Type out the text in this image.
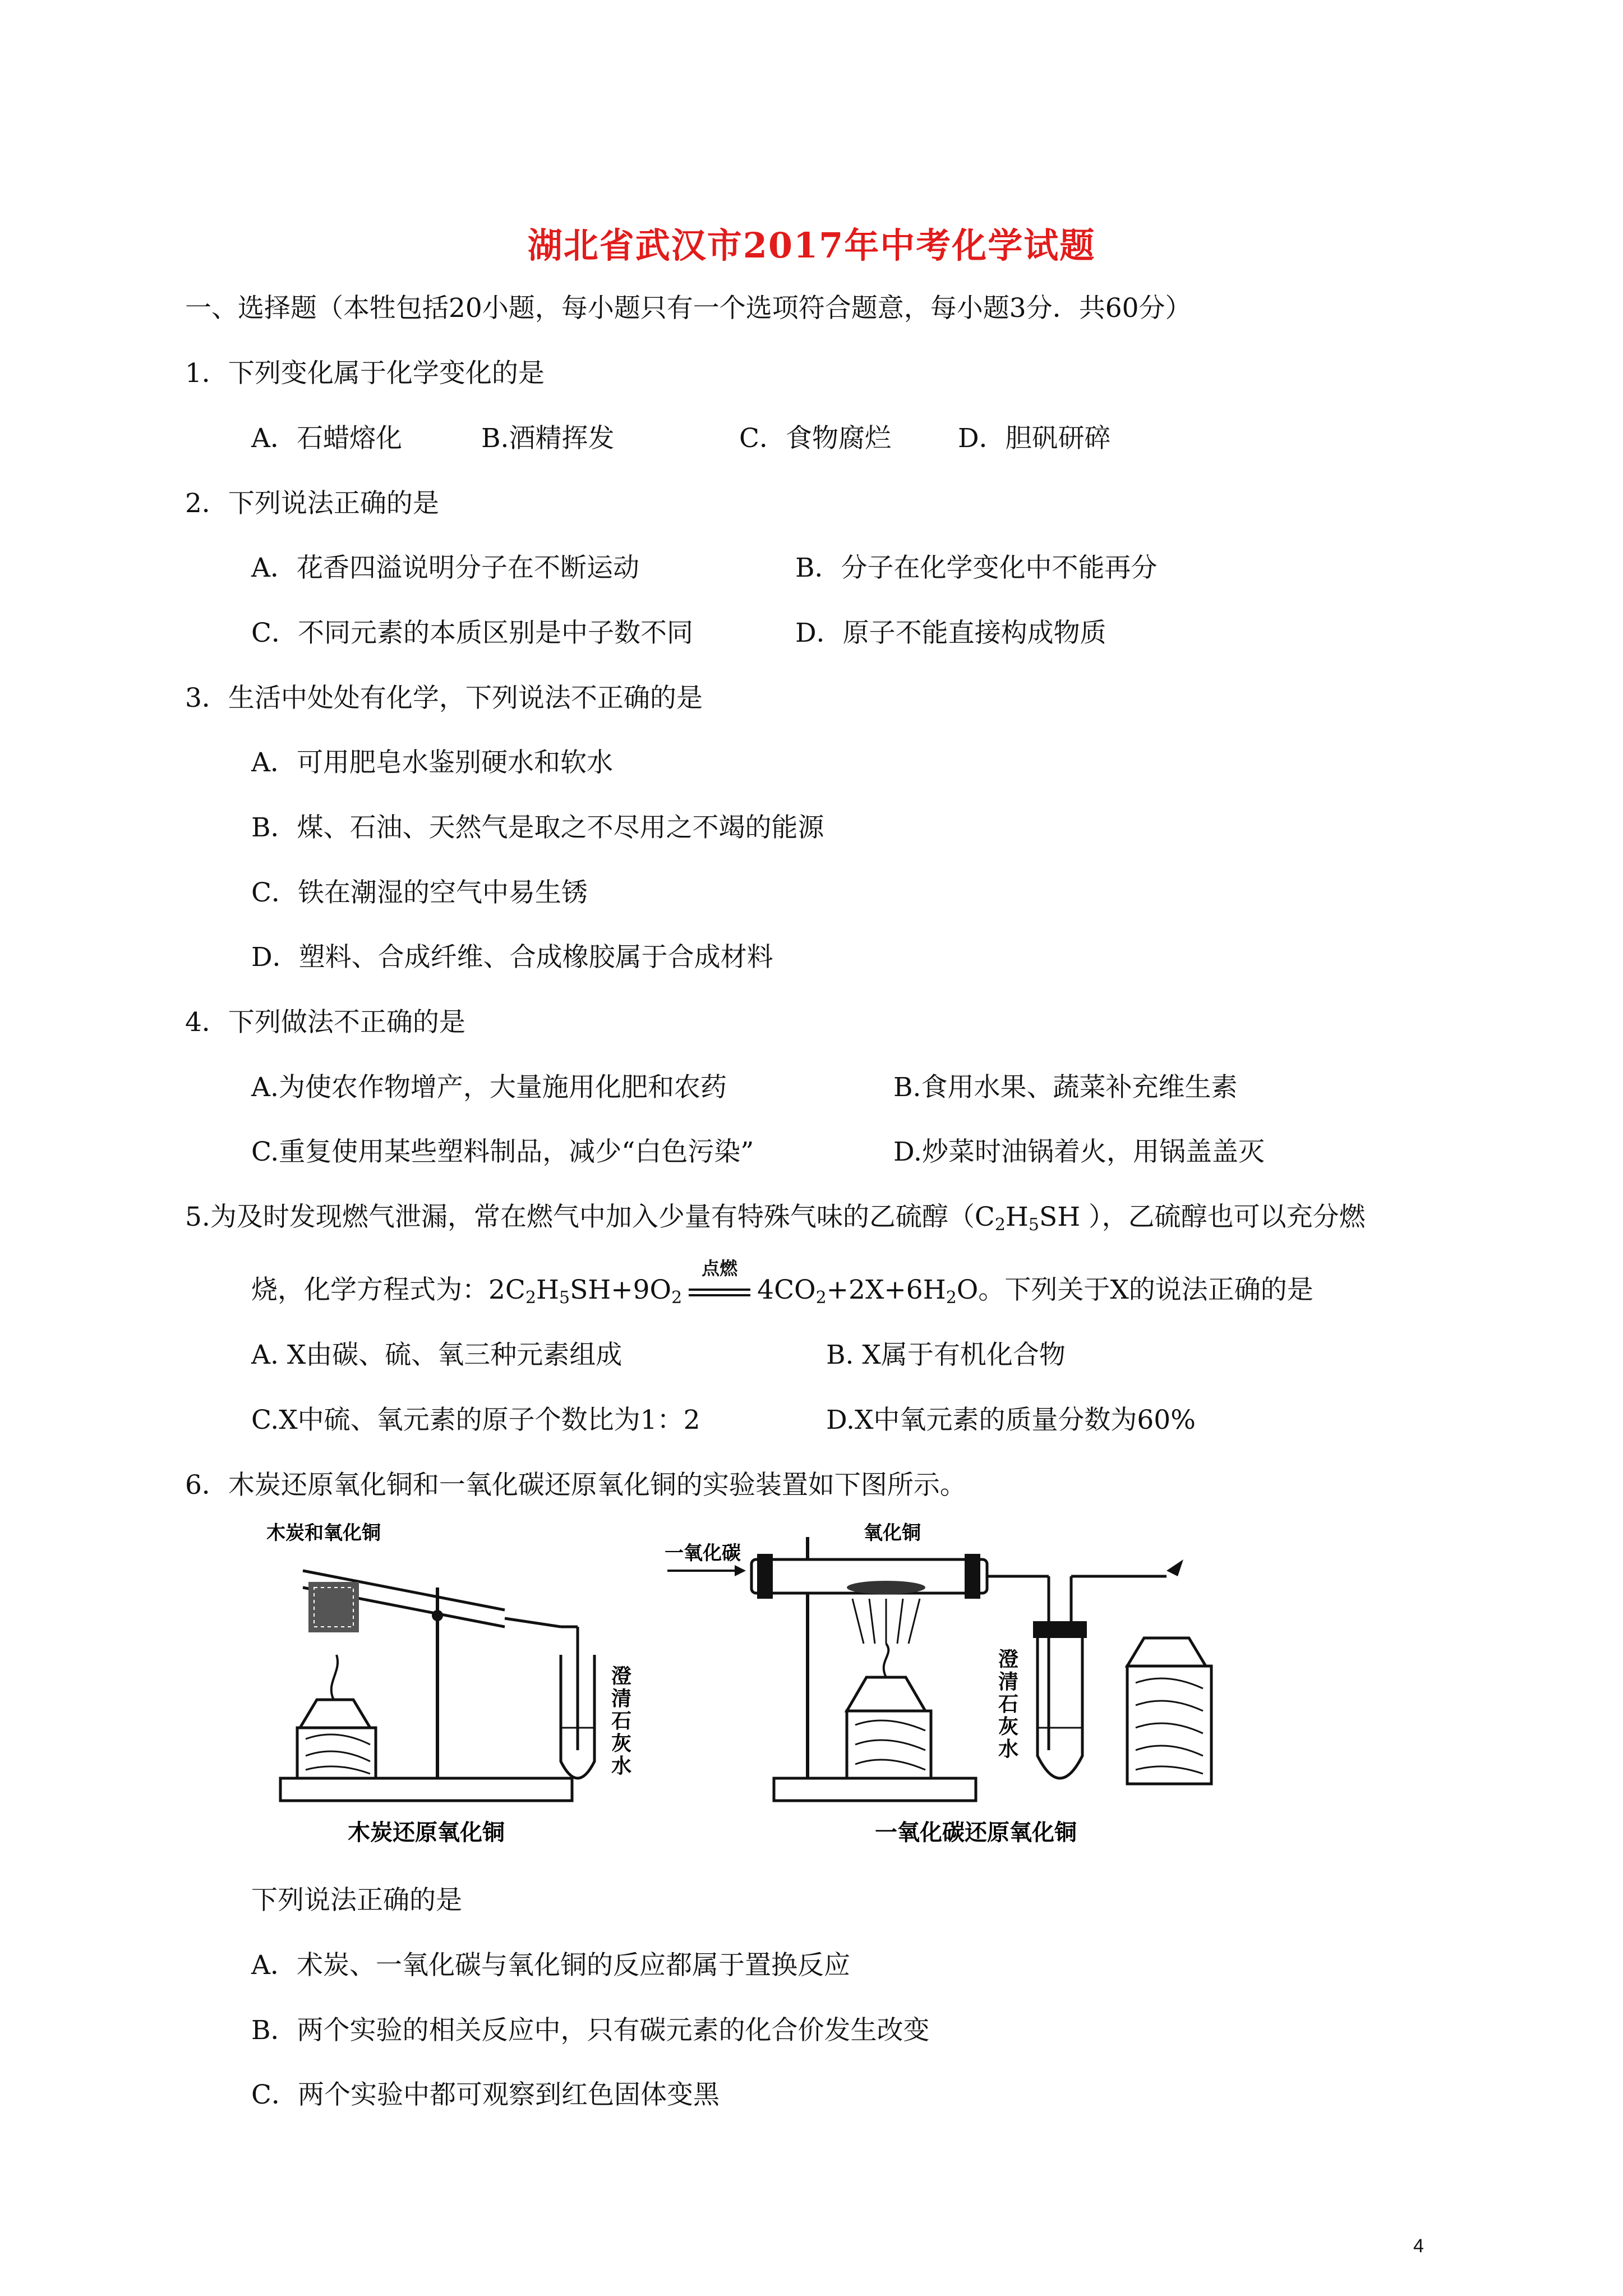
湖北省武汉市2017年中考化学试题
一、选择题（本牲包括20小题，每小题只有一个选项符合题意，每小题3分．共60分）
1．下列变化属于化学变化的是
A．石蜡熔化	B.酒精挥发	C．食物腐烂	D．胆矾研碎
2．下列说法正确的是
A．花香四溢说明分子在不断运动	B．分子在化学变化中不能再分
C．不同元素的本质区别是中子数不同	D．原子不能直接构成物质
3．生活中处处有化学，下列说法不正确的是
A．可用肥皂水鉴别硬水和软水
B．煤、石油、天然气是取之不尽用之不竭的能源
C．铁在潮湿的空气中易生锈
D．塑料、合成纤维、合成橡胶属于合成材料
4．下列做法不正确的是
A.为使农作物增产，大量施用化肥和农药	B.食用水果、蔬菜补充维生素
C.重复使用某些塑料制品，减少“白色污染”	D.炒菜时油锅着火，用锅盖盖灭
5.为及时发现燃气泄漏，常在燃气中加入少量有特殊气味的乙硫醇（$C_2H_5SH$ ），乙硫醇也可以充分燃
烧，化学方程式为：$2C_2H_5SH+9O_2$
点燃
$4CO_2+2X+6H_2O$。下列关于X的说法正确的是
A. X由碳、硫、氧三种元素组成	B. X属于有机化合物
C.X中硫、氧元素的原子个数比为1：2	D.X中氧元素的质量分数为60%
6．木炭还原氧化铜和一氧化碳还原氧化铜的实验装置如下图所示。
木炭和氧化铜
澄
清
石
灰
水
木炭还原氧化铜
一氧化碳
氧化铜
澄
清
石
灰
水
一氧化碳还原氧化铜
下列说法正确的是
A．术炭、一氧化碳与氧化铜的反应都属于置换反应
B．两个实验的相关反应中，只有碳元素的化合价发生改变
C．两个实验中都可观察到红色固体变黑
4
